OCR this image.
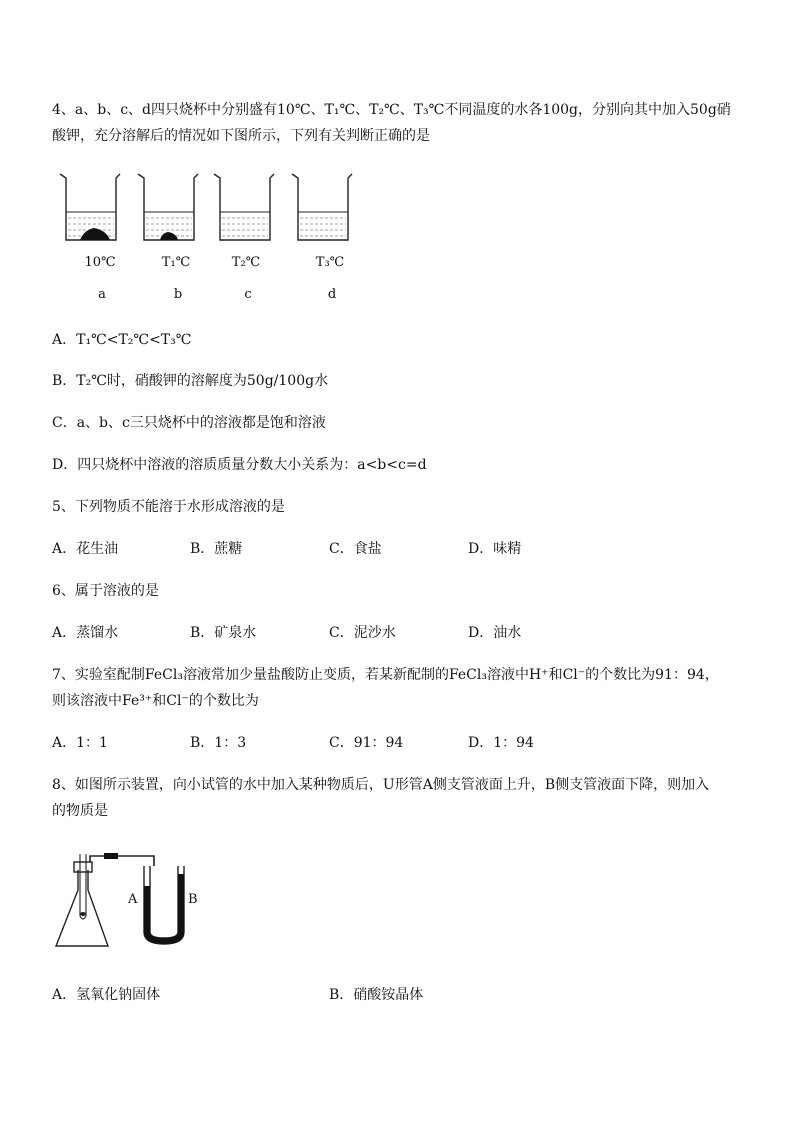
4、a、b、c、d四只烧杯中分别盛有10℃、T₁℃、T₂℃、T₃℃不同温度的水各100g，分别向其中加入50g硝
酸钾，充分溶解后的情况如下图所示，下列有关判断正确的是
10℃	T₁℃	T₂℃	T₃℃
a	b	c	d
A．T₁℃<T₂℃<T₃℃
B．T₂℃时，硝酸钾的溶解度为50g/100g水
C．a、b、c三只烧杯中的溶液都是饱和溶液
D．四只烧杯中溶液的溶质质量分数大小关系为：a<b<c=d
5、下列物质不能溶于水形成溶液的是
A．花生油	B．蔗糖	C．食盐	D．味精
6、属于溶液的是
A．蒸馏水	B．矿泉水	C．泥沙水	D．油水
7、实验室配制FeCl₃溶液常加少量盐酸防止变质，若某新配制的FeCl₃溶液中H⁺和Cl⁻的个数比为91：94，
则该溶液中Fe³⁺和Cl⁻的个数比为
A．1：1	B．1：3	C．91：94	D．1：94
8、如图所示装置，向小试管的水中加入某种物质后，U形管A侧支管液面上升，B侧支管液面下降，则加入
的物质是
A	B
A．氢氧化钠固体	B．硝酸铵晶体
